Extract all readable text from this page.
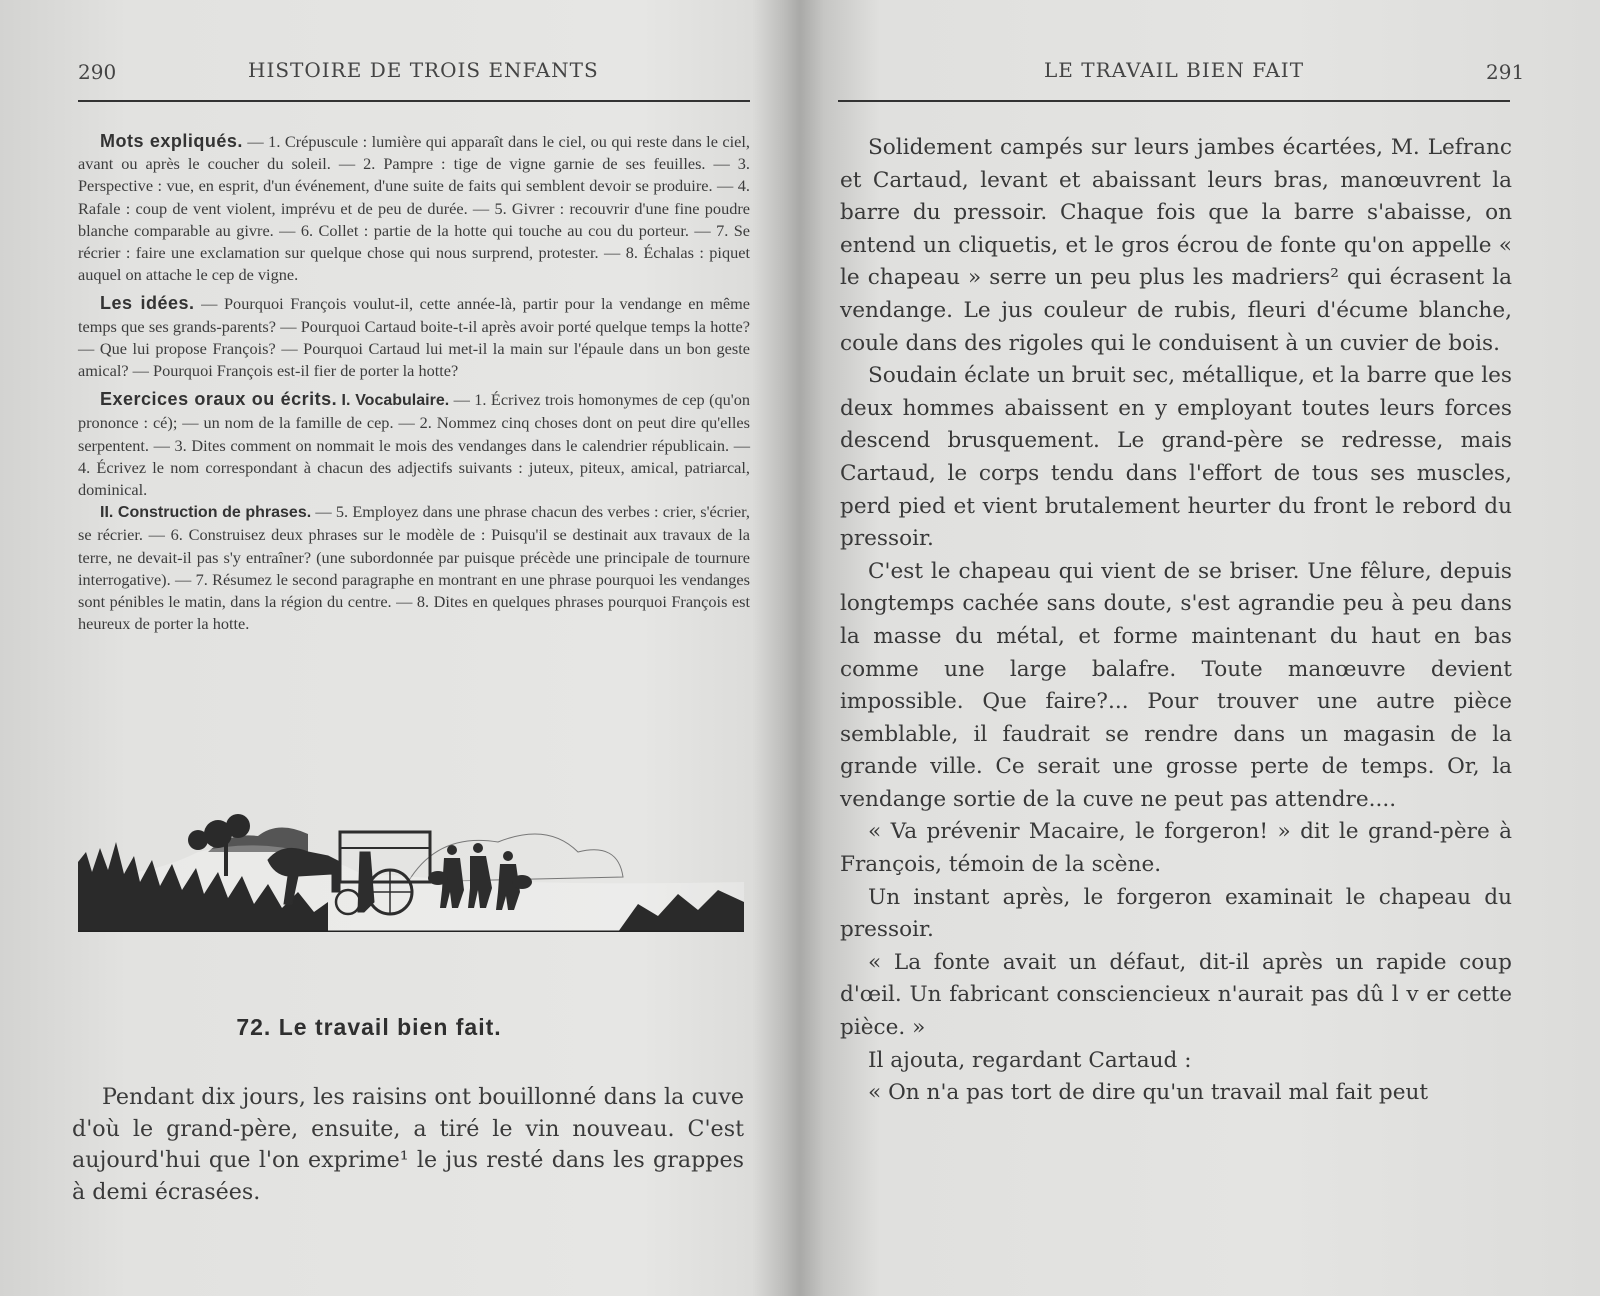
290	HISTOIRE DE TROIS ENFANTS

Mots expliqués. — 1. Crépuscule : lumière qui apparaît dans le ciel, ou qui reste dans le ciel, avant ou après le coucher du soleil. — 2. Pampre : tige de vigne garnie de ses feuilles. — 3. Perspective : vue, en esprit, d'un événement, d'une suite de faits qui semblent devoir se produire. — 4. Rafale : coup de vent violent, imprévu et de peu de durée. — 5. Givrer : recouvrir d'une fine poudre blanche comparable au givre. — 6. Collet : partie de la hotte qui touche au cou du porteur. — 7. Se récrier : faire une exclamation sur quelque chose qui nous surprend, protester. — 8. Échalas : piquet auquel on attache le cep de vigne.

Les idées. — Pourquoi François voulut-il, cette année-là, partir pour la vendange en même temps que ses grands-parents? — Pourquoi Cartaud boite-t-il après avoir porté quelque temps la hotte? — Que lui propose François? — Pourquoi Cartaud lui met-il la main sur l'épaule dans un bon geste amical? — Pourquoi François est-il fier de porter la hotte?

Exercices oraux ou écrits. I. Vocabulaire. — 1. Écrivez trois homonymes de cep (qu'on prononce : cé); — un nom de la famille de cep. — 2. Nommez cinq choses dont on peut dire qu'elles serpentent. — 3. Dites comment on nommait le mois des vendanges dans le calendrier républicain. — 4. Écrivez le nom correspondant à chacun des adjectifs suivants : juteux, piteux, amical, patriarcal, dominical.

II. Construction de phrases. — 5. Employez dans une phrase chacun des verbes : crier, s'écrier, se récrier. — 6. Construisez deux phrases sur le modèle de : Puisqu'il se destinait aux travaux de la terre, ne devait-il pas s'y entraîner? (une subordonnée par puisque précède une principale de tournure interrogative). — 7. Résumez le second paragraphe en montrant en une phrase pourquoi les vendanges sont pénibles le matin, dans la région du centre. — 8. Dites en quelques phrases pourquoi François est heureux de porter la hotte.

72. Le travail bien fait.

Pendant dix jours, les raisins ont bouillonné dans la cuve d'où le grand-père, ensuite, a tiré le vin nouveau. C'est aujourd'hui que l'on exprime¹ le jus resté dans les grappes à demi écrasées.

LE TRAVAIL BIEN FAIT	291

Solidement campés sur leurs jambes écartées, M. Lefranc et Cartaud, levant et abaissant leurs bras, manœuvrent la barre du pressoir. Chaque fois que la barre s'abaisse, on entend un cliquetis, et le gros écrou de fonte qu'on appelle « le chapeau » serre un peu plus les madriers² qui écrasent la vendange. Le jus couleur de rubis, fleuri d'écume blanche, coule dans des rigoles qui le conduisent à un cuvier de bois.

Soudain éclate un bruit sec, métallique, et la barre que les deux hommes abaissent en y employant toutes leurs forces descend brusquement. Le grand-père se redresse, mais Cartaud, le corps tendu dans l'effort de tous ses muscles, perd pied et vient brutalement heurter du front le rebord du pressoir.

C'est le chapeau qui vient de se briser. Une fêlure, depuis longtemps cachée sans doute, s'est agrandie peu à peu dans la masse du métal, et forme maintenant du haut en bas comme une large balafre. Toute manœuvre devient impossible. Que faire?... Pour trouver une autre pièce semblable, il faudrait se rendre dans un magasin de la grande ville. Ce serait une grosse perte de temps. Or, la vendange sortie de la cuve ne peut pas attendre....

« Va prévenir Macaire, le forgeron! » dit le grand-père à François, témoin de la scène.

Un instant après, le forgeron examinait le chapeau du pressoir.

« La fonte avait un défaut, dit-il après un rapide coup d'œil. Un fabricant consciencieux n'aurait pas dû l v er cette pièce. »

Il ajouta, regardant Cartaud :

« On n'a pas tort de dire qu'un travail mal fait peut
